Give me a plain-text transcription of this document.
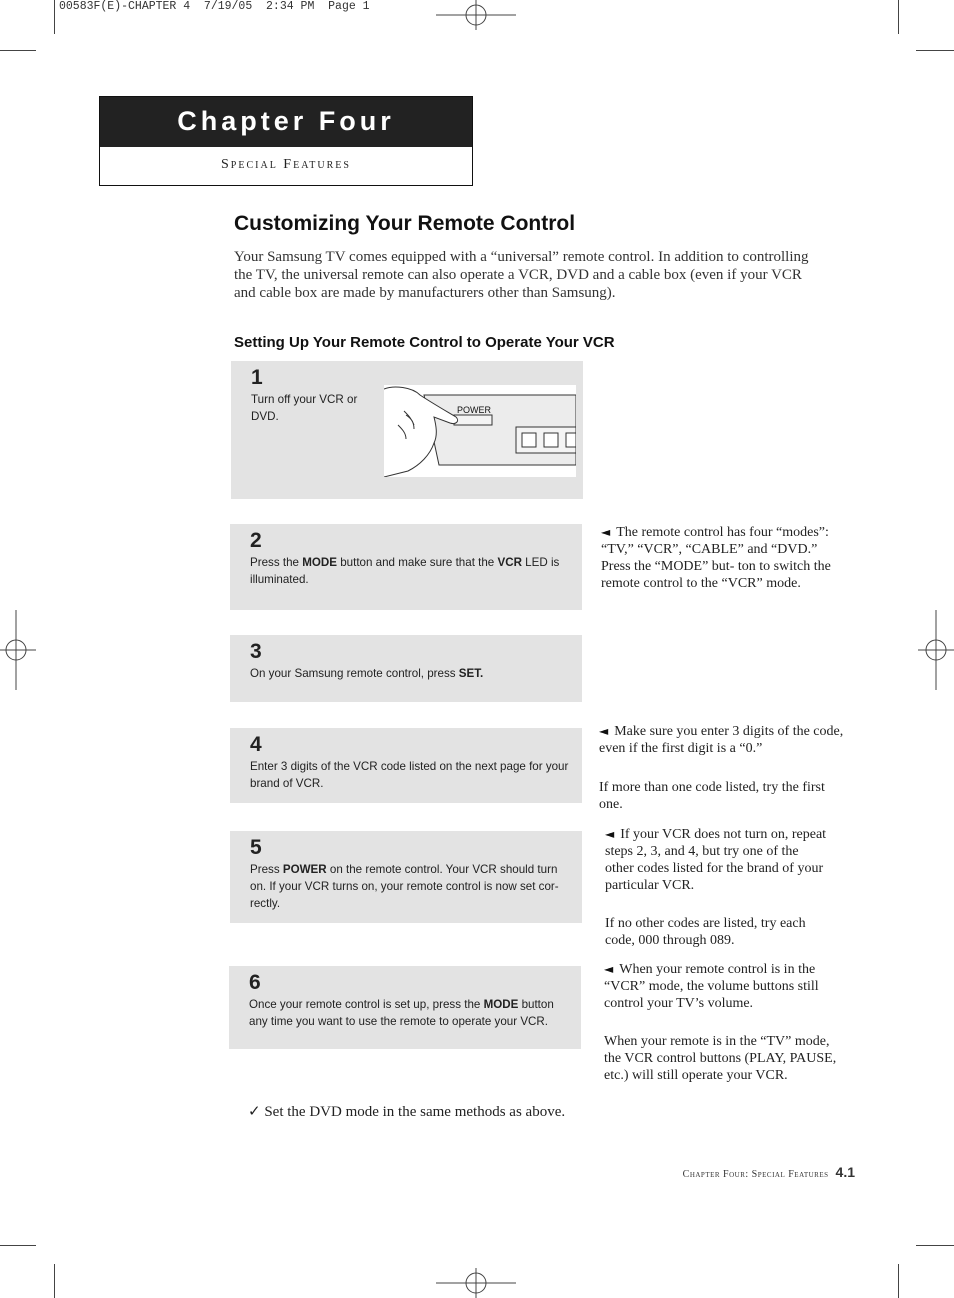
00583F(E)-CHAPTER 4  7/19/05  2:34 PM  Page 1
Chapter Four
Special Features
Customizing Your Remote Control
Your Samsung TV comes equipped with a “universal” remote control. In addition to controlling the TV, the universal remote can also operate a VCR, DVD and a cable box (even if your VCR and cable box are made by manufacturers other than Samsung).
Setting Up Your Remote Control to Operate Your VCR
1
Turn off your VCR or DVD.	POWER
2
Press the MODE button and make sure that the VCR LED is illuminated.
3
On your Samsung remote control, press SET.
4
Enter 3 digits of the VCR code listed on the next page for your brand of VCR.
5
Press POWER on the remote control. Your VCR should turn on. If your VCR turns on, your remote control is now set cor- rectly.
6
Once your remote control is set up, press the MODE button any time you want to use the remote to operate your VCR.
◄ The remote control has four “modes”: “TV,” “VCR”, “CABLE” and “DVD.” Press the “MODE” but- ton to switch the remote control to the “VCR” mode.
◄ Make sure you enter 3 digits of the code, even if the first digit is a “0.”
If more than one code listed, try the first one.
◄ If your VCR does not turn on, repeat steps 2, 3, and 4, but try one of the other codes listed for the brand of your particular VCR.
If no other codes are listed, try each code, 000 through 089.
◄ When your remote control is in the “VCR” mode, the volume buttons still control your TV’s volume.
When your remote is in the “TV” mode, the VCR control buttons (PLAY, PAUSE, etc.) will still operate your VCR.
✓ Set the DVD mode in the same methods as above.
Chapter Four: Special Features 4.1
